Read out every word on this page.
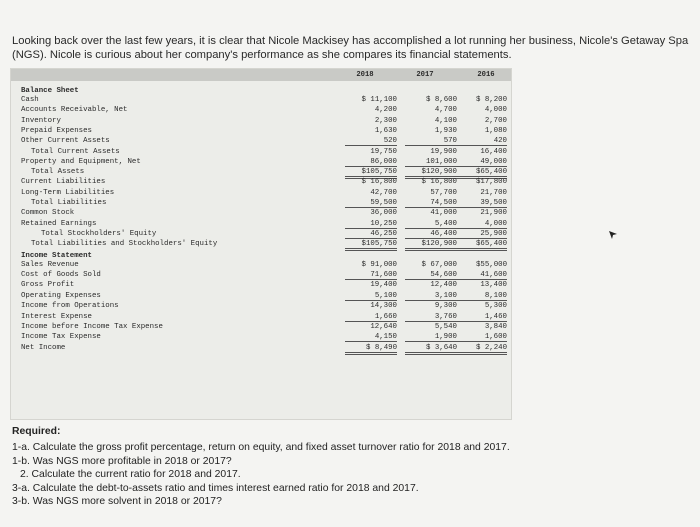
Looking back over the last few years, it is clear that Nicole Mackisey has accomplished a lot running her business, Nicole's Getaway Spa (NGS). Nicole is curious about her company's performance as she compares its financial statements.
2018	2017	2016
Balance Sheet
Cash	$ 11,100	$ 8,600	$ 8,200
Accounts Receivable, Net	4,200	4,700	4,000
Inventory	2,300	4,100	2,700
Prepaid Expenses	1,630	1,930	1,080
Other Current Assets	520	570	420
Total Current Assets	19,750	19,900	16,400
Property and Equipment, Net	86,000	101,000	49,000
Total Assets	$105,750	$120,900	$65,400
Current Liabilities	$ 16,800	$ 16,800	$17,800
Long-Term Liabilities	42,700	57,700	21,700
Total Liabilities	59,500	74,500	39,500
Common Stock	36,000	41,000	21,900
Retained Earnings	10,250	5,400	4,000
Total Stockholders' Equity	46,250	46,400	25,900
Total Liabilities and Stockholders' Equity	$105,750	$120,900	$65,400
Income Statement
Sales Revenue	$ 91,000	$ 67,000	$55,000
Cost of Goods Sold	71,600	54,600	41,600
Gross Profit	19,400	12,400	13,400
Operating Expenses	5,100	3,100	8,100
Income from Operations	14,300	9,300	5,300
Interest Expense	1,660	3,760	1,460
Income before Income Tax Expense	12,640	5,540	3,840
Income Tax Expense	4,150	1,900	1,600
Net Income	$ 8,490	$ 3,640	$ 2,240
Required:
1-a. Calculate the gross profit percentage, return on equity, and fixed asset turnover ratio for 2018 and 2017.
1-b. Was NGS more profitable in 2018 or 2017?
2. Calculate the current ratio for 2018 and 2017.
3-a. Calculate the debt-to-assets ratio and times interest earned ratio for 2018 and 2017.
3-b. Was NGS more solvent in 2018 or 2017?
